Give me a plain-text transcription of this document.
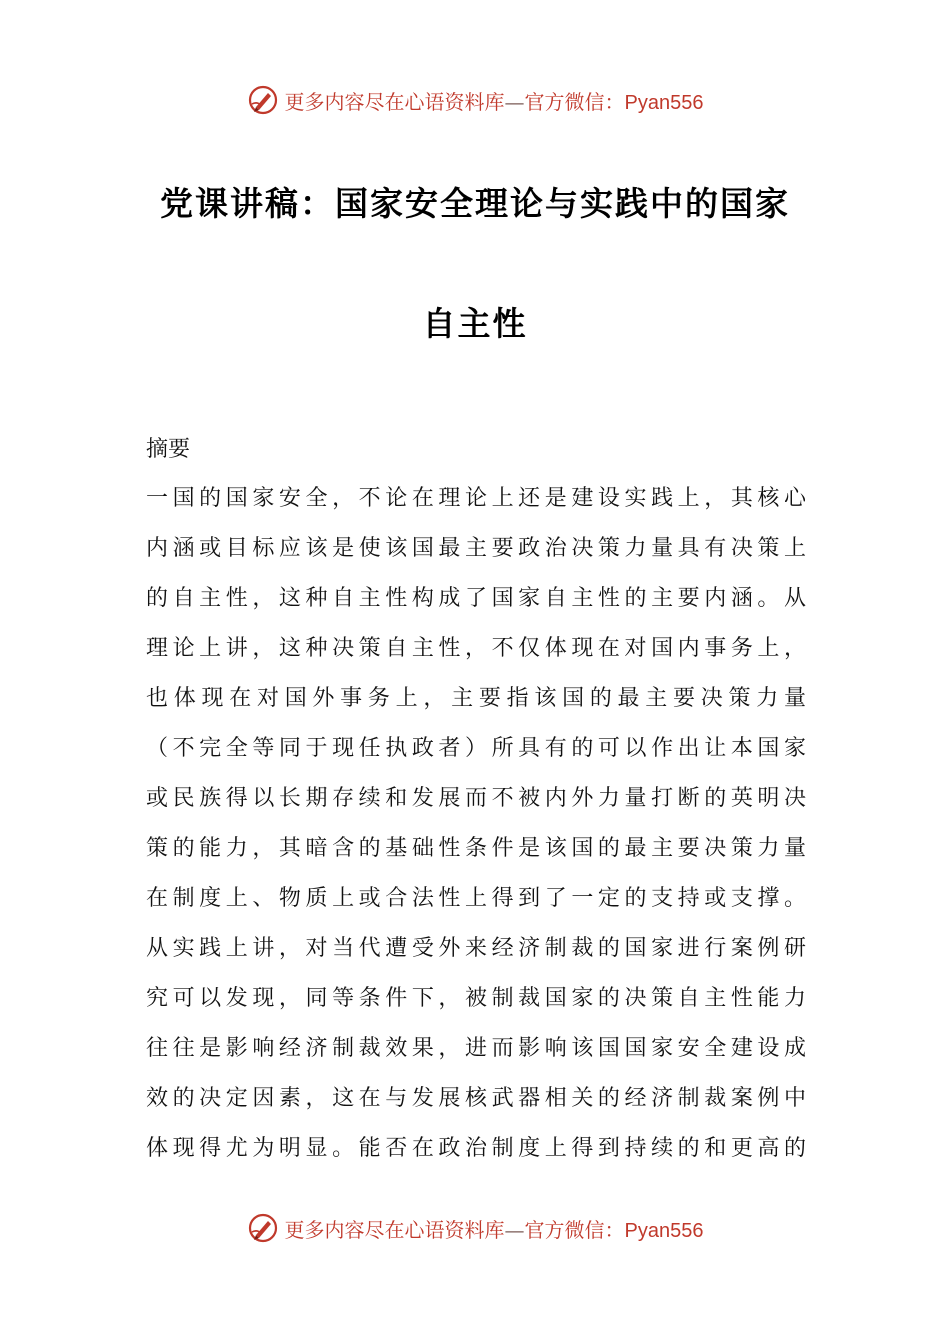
更多内容尽在心语资料库—官方微信：Pyan556
党课讲稿：国家安全理论与实践中的国家
自主性
摘要
一国的国家安全，不论在理论上还是建设实践上，其核心
内涵或目标应该是使该国最主要政治决策力量具有决策上
的自主性，这种自主性构成了国家自主性的主要内涵。从
理论上讲，这种决策自主性，不仅体现在对国内事务上，
也体现在对国外事务上，主要指该国的最主要决策力量
（不完全等同于现任执政者）所具有的可以作出让本国家
或民族得以长期存续和发展而不被内外力量打断的英明决
策的能力，其暗含的基础性条件是该国的最主要决策力量
在制度上、物质上或合法性上得到了一定的支持或支撑。
从实践上讲，对当代遭受外来经济制裁的国家进行案例研
究可以发现，同等条件下，被制裁国家的决策自主性能力
往往是影响经济制裁效果，进而影响该国国家安全建设成
效的决定因素，这在与发展核武器相关的经济制裁案例中
体现得尤为明显。能否在政治制度上得到持续的和更高的
更多内容尽在心语资料库—官方微信：Pyan556
